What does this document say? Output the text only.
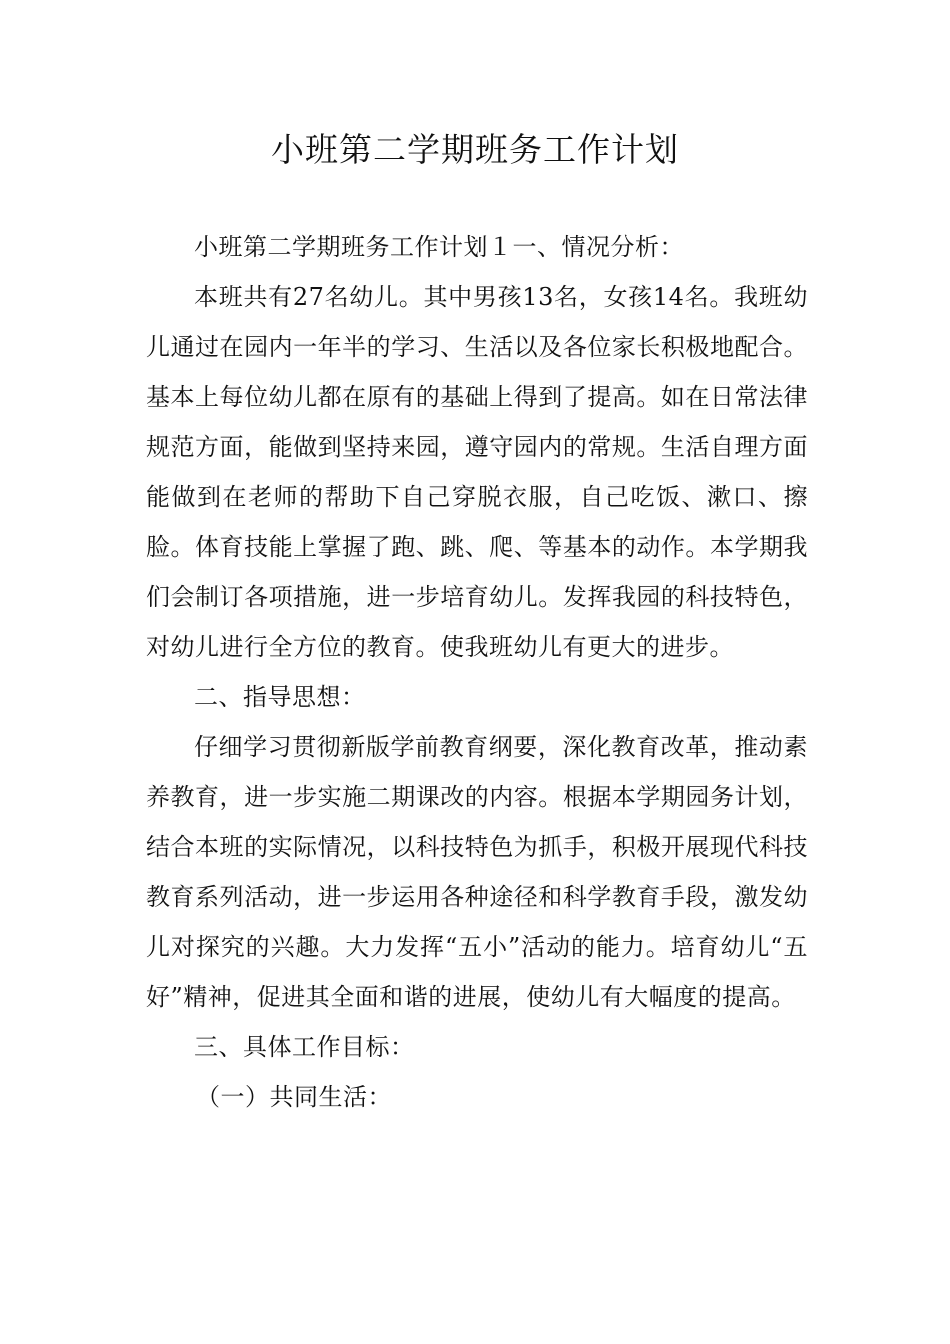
小班第二学期班务工作计划

小班第二学期班务工作计划１一、情况分析：

本班共有27名幼儿。其中男孩13名，女孩14名。我班幼儿通过在园内一年半的学习、生活以及各位家长积极地配合。基本上每位幼儿都在原有的基础上得到了提高。如在日常法律规范方面，能做到坚持来园，遵守园内的常规。生活自理方面能做到在老师的帮助下自己穿脱衣服，自己吃饭、漱口、擦脸。体育技能上掌握了跑、跳、爬、等基本的动作。本学期我们会制订各项措施，进一步培育幼儿。发挥我园的科技特色，对幼儿进行全方位的教育。使我班幼儿有更大的进步。

二、指导思想：

仔细学习贯彻新版学前教育纲要，深化教育改革，推动素养教育，进一步实施二期课改的内容。根据本学期园务计划，结合本班的实际情况，以科技特色为抓手，积极开展现代科技教育系列活动，进一步运用各种途径和科学教育手段，激发幼儿对探究的兴趣。大力发挥“五小”活动的能力。培育幼儿“五好”精神，促进其全面和谐的进展，使幼儿有大幅度的提高。

三、具体工作目标：

（一）共同生活：
